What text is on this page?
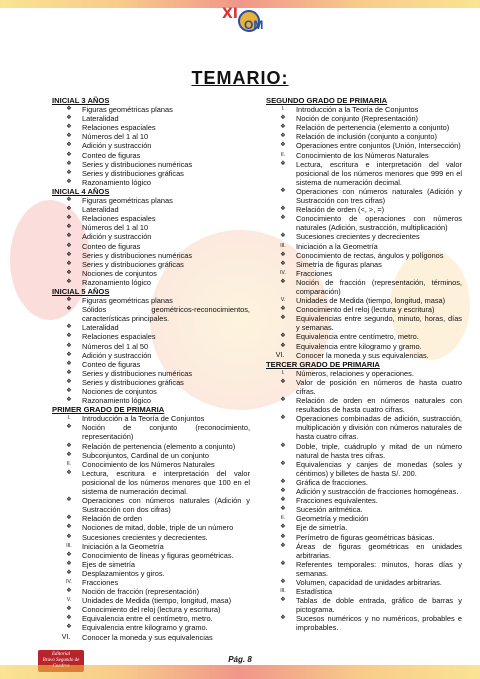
XI
OM
TEMARIO:
INICIAL 3 AÑOS
❖	Figuras geométricas planas
❖	Lateralidad
❖	Relaciones espaciales
❖	Números del 1 al 10
❖	Adición y sustracción
❖	Conteo de figuras
❖	Series y distribuciones numéricas
❖	Series y distribuciones gráficas
❖	Razonamiento lógico
INICIAL 4 AÑOS
❖	Figuras geométricas planas
❖	Lateralidad
❖	Relaciones espaciales
❖	Números del 1 al 10
❖	Adición y sustracción
❖	Conteo de figuras
❖	Series y distribuciones numéricas
❖	Series y distribuciones gráficas
❖	Nociones de conjuntos
❖	Razonamiento lógico
INICIAL 5 AÑOS
❖	Figuras geométricas planas
❖	Sólidos geométricos-reconocimientos, características principales.
❖	Lateralidad
❖	Relaciones espaciales
❖	Números del 1 al 50
❖	Adición y sustracción
❖	Conteo de figuras
❖	Series y distribuciones numéricas
❖	Series y distribuciones gráficas
❖	Nociones de conjuntos
❖	Razonamiento lógico
PRIMER GRADO DE PRIMARIA
I.	Introducción a la Teoría de Conjuntos
❖	Noción de conjunto (reconocimiento, representación)
❖	Relación de pertenencia (elemento a conjunto)
❖	Subconjuntos, Cardinal de un conjunto
II.	Conocimiento de los Números Naturales
❖	Lectura, escritura e interpretación del valor posicional de los números menores que 100 en el sistema de numeración decimal.
❖	Operaciones con números naturales (Adición y Sustracción con dos cifras)
❖	Relación de orden
❖	Nociones de mitad, doble, triple de un número
❖	Sucesiones crecientes y decrecientes.
III.	Iniciación a la Geometría
❖	Conocimiento de líneas y figuras geométricas.
❖	Ejes de simetría
❖	Desplazamientos y giros.
IV.	Fracciones
❖	Noción de fracción (representación)
V.	Unidades de Medida (tiempo, longitud, masa)
❖	Conocimiento del reloj (lectura y escritura)
❖	Equivalencia entre el centímetro, metro.
❖	Equivalencia entre kilogramo y gramo.
VI.	Conocer la moneda y sus equivalencias
SEGUNDO GRADO DE PRIMARIA
I.	Introducción a la Teoría de Conjuntos
❖	Noción de conjunto (Representación)
❖	Relación de pertenencia (elemento a conjunto)
❖	Relación de inclusión (conjunto a conjunto)
❖	Operaciones entre conjuntos (Unión, Intersección)
II.	Conocimiento de los Números Naturales
❖	Lectura, escritura e interpretación del valor posicional de los números menores que 999 en el sistema de numeración decimal.
❖	Operaciones con números naturales (Adición y Sustracción con tres cifras)
❖	Relación de orden (<, >, =)
❖	Conocimiento de operaciones con números naturales (Adición, sustracción, multiplicación)
❖	Sucesiones crecientes y decrecientes
III.	Iniciación a la Geometría
❖	Conocimiento de rectas, ángulos y polígonos
❖	Simetría de figuras planas
IV.	Fracciones
❖	Noción de fracción (representación, términos, comparación)
V.	Unidades de Medida (tiempo, longitud, masa)
❖	Conocimiento del reloj (lectura y escritura)
❖	Equivalencias entre segundo, minuto, horas, días y semanas.
❖	Equivalencia entre centímetro, metro.
❖	Equivalencia entre kilogramo y gramo.
VI.	Conocer la moneda y sus equivalencias.
TERCER GRADO DE PRIMARIA
I.	Números, relaciones y operaciones.
❖	Valor de posición en números de hasta cuatro cifras.
❖	Relación de orden en números naturales con resultados de hasta cuatro cifras.
❖	Operaciones combinadas de adición, sustracción, multiplicación y división con números naturales de hasta cuatro cifras.
❖	Doble, triple, cuádruplo y mitad de un número natural de hasta tres cifras.
❖	Equivalencias y canjes de monedas (soles y céntimos) y billetes de hasta S/. 200.
❖	Gráfica de fracciones.
❖	Adición y sustracción de fracciones homogéneas.
❖	Fracciones equivalentes.
❖	Sucesión aritmética.
II.	Geometría y medición
❖	Eje de simetría.
❖	Perímetro de figuras geométricas básicas.
❖	Áreas de figuras geométricas en unidades arbitrarias.
❖	Referentes temporales: minutos, horas días y semanas.
❖	Volumen, capacidad de unidades arbitrarias.
III.	Estadística
❖	Tablas de doble entrada, gráfico de barras y pictograma.
❖	Sucesos numéricos y no numéricos, probables e improbables.
Editorial
Bravo Segundo de	Pág. 8
